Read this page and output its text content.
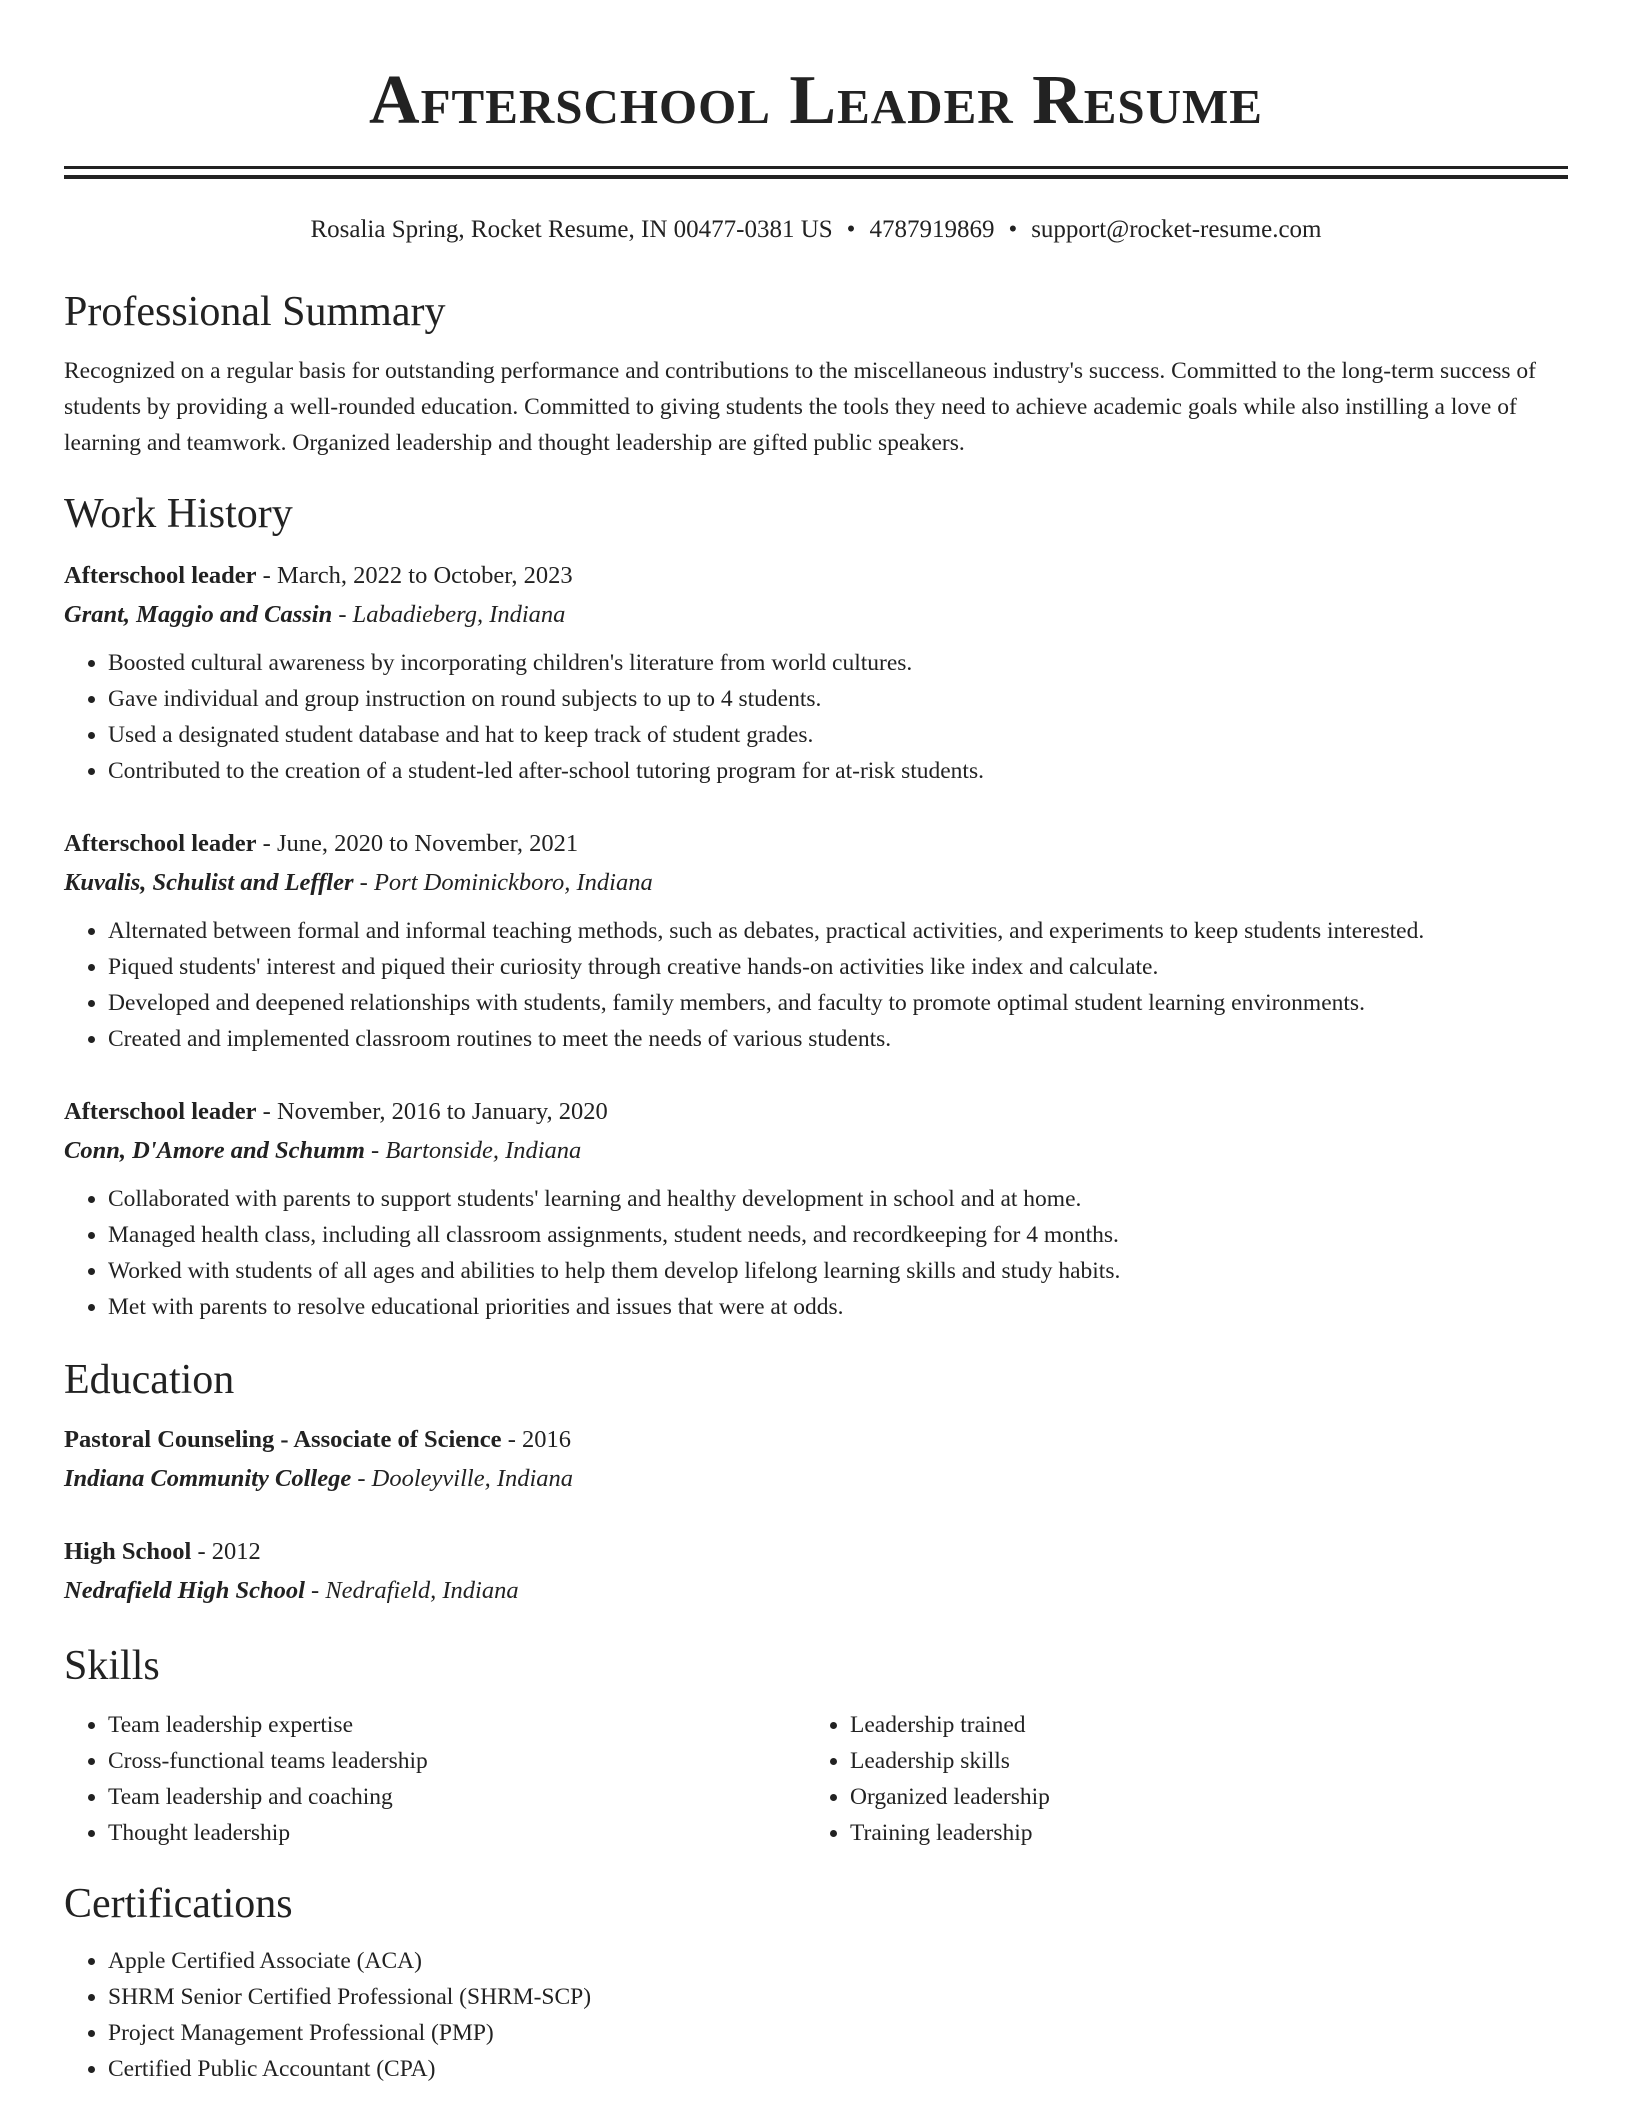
Afterschool Leader Resume
Rosalia Spring, Rocket Resume, IN 00477-0381 US • 4787919869 • support@rocket-resume.com
Professional Summary
Recognized on a regular basis for outstanding performance and contributions to the miscellaneous industry's success. Committed to the long-term success of students by providing a well-rounded education. Committed to giving students the tools they need to achieve academic goals while also instilling a love of learning and teamwork. Organized leadership and thought leadership are gifted public speakers.
Work History
Afterschool leader - March, 2022 to October, 2023
Grant, Maggio and Cassin - Labadieberg, Indiana
• Boosted cultural awareness by incorporating children's literature from world cultures.
• Gave individual and group instruction on round subjects to up to 4 students.
• Used a designated student database and hat to keep track of student grades.
• Contributed to the creation of a student-led after-school tutoring program for at-risk students.
Afterschool leader - June, 2020 to November, 2021
Kuvalis, Schulist and Leffler - Port Dominickboro, Indiana
• Alternated between formal and informal teaching methods, such as debates, practical activities, and experiments to keep students interested.
• Piqued students' interest and piqued their curiosity through creative hands-on activities like index and calculate.
• Developed and deepened relationships with students, family members, and faculty to promote optimal student learning environments.
• Created and implemented classroom routines to meet the needs of various students.
Afterschool leader - November, 2016 to January, 2020
Conn, D'Amore and Schumm - Bartonside, Indiana
• Collaborated with parents to support students' learning and healthy development in school and at home.
• Managed health class, including all classroom assignments, student needs, and recordkeeping for 4 months.
• Worked with students of all ages and abilities to help them develop lifelong learning skills and study habits.
• Met with parents to resolve educational priorities and issues that were at odds.
Education
Pastoral Counseling - Associate of Science - 2016
Indiana Community College - Dooleyville, Indiana
High School - 2012
Nedrafield High School - Nedrafield, Indiana
Skills
• Team leadership expertise
• Cross-functional teams leadership
• Team leadership and coaching
• Thought leadership
• Leadership trained
• Leadership skills
• Organized leadership
• Training leadership
Certifications
• Apple Certified Associate (ACA)
• SHRM Senior Certified Professional (SHRM-SCP)
• Project Management Professional (PMP)
• Certified Public Accountant (CPA)
